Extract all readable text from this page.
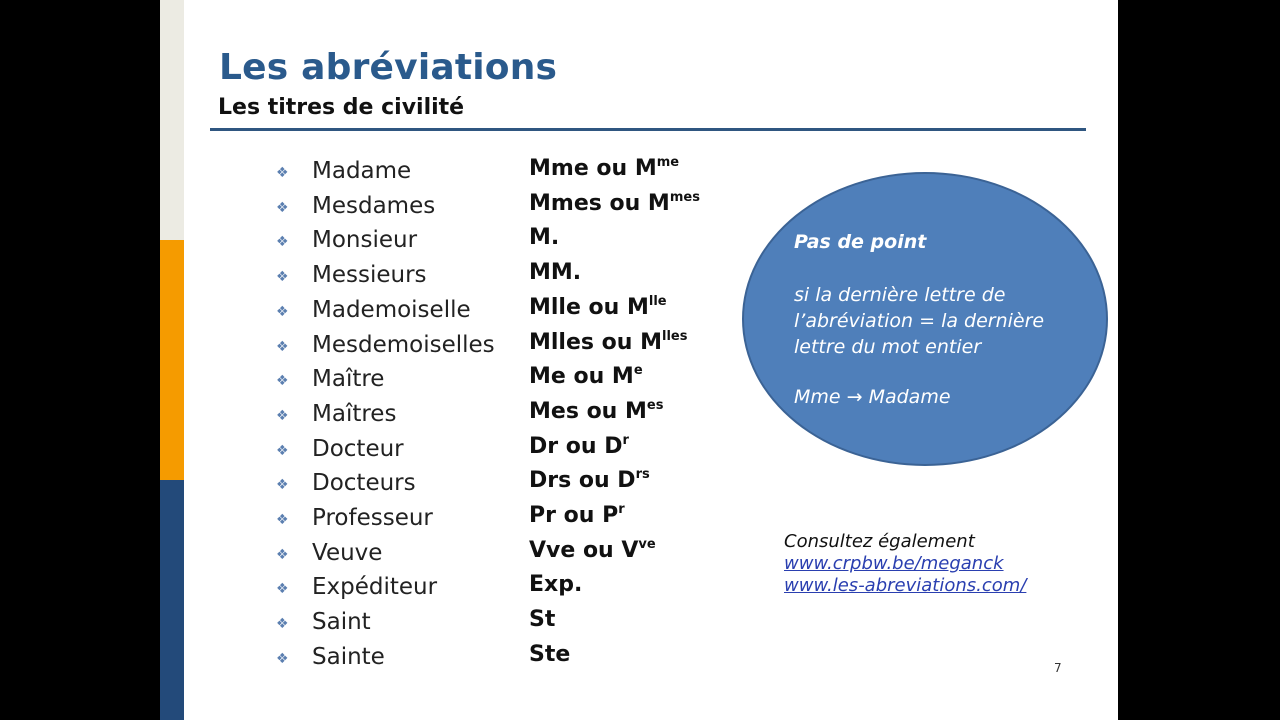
Les abréviations
Les titres de civilité
❖ Madame	Mme ou $M^{me}$
❖ Mesdames	Mmes ou $M^{mes}$
❖ Monsieur	M.
❖ Messieurs	MM.
❖ Mademoiselle	Mlle ou $M^{lle}$
❖ Mesdemoiselles Mlles ou $M^{lles}$
❖ Maître	Me ou Me
❖ Maîtres	Mes ou $M^{es}$
❖ Docteur	Dr ou $D^r$
❖ Docteurs	Drs ou $D^{rs}$
❖ Professeur	Pr ou $P^r$
❖ Veuve	Vve ou $V^{ve}$
❖ Expéditeur	Exp.
❖ Saint	St
❖ Sainte	Ste
Pas de point
si la dernière lettre de
l’abréviation = la dernière
lettre du mot entier
Mme → Madame
Consultez également
www.crpbw.be/meganck
www.les-abreviations.com/
7
